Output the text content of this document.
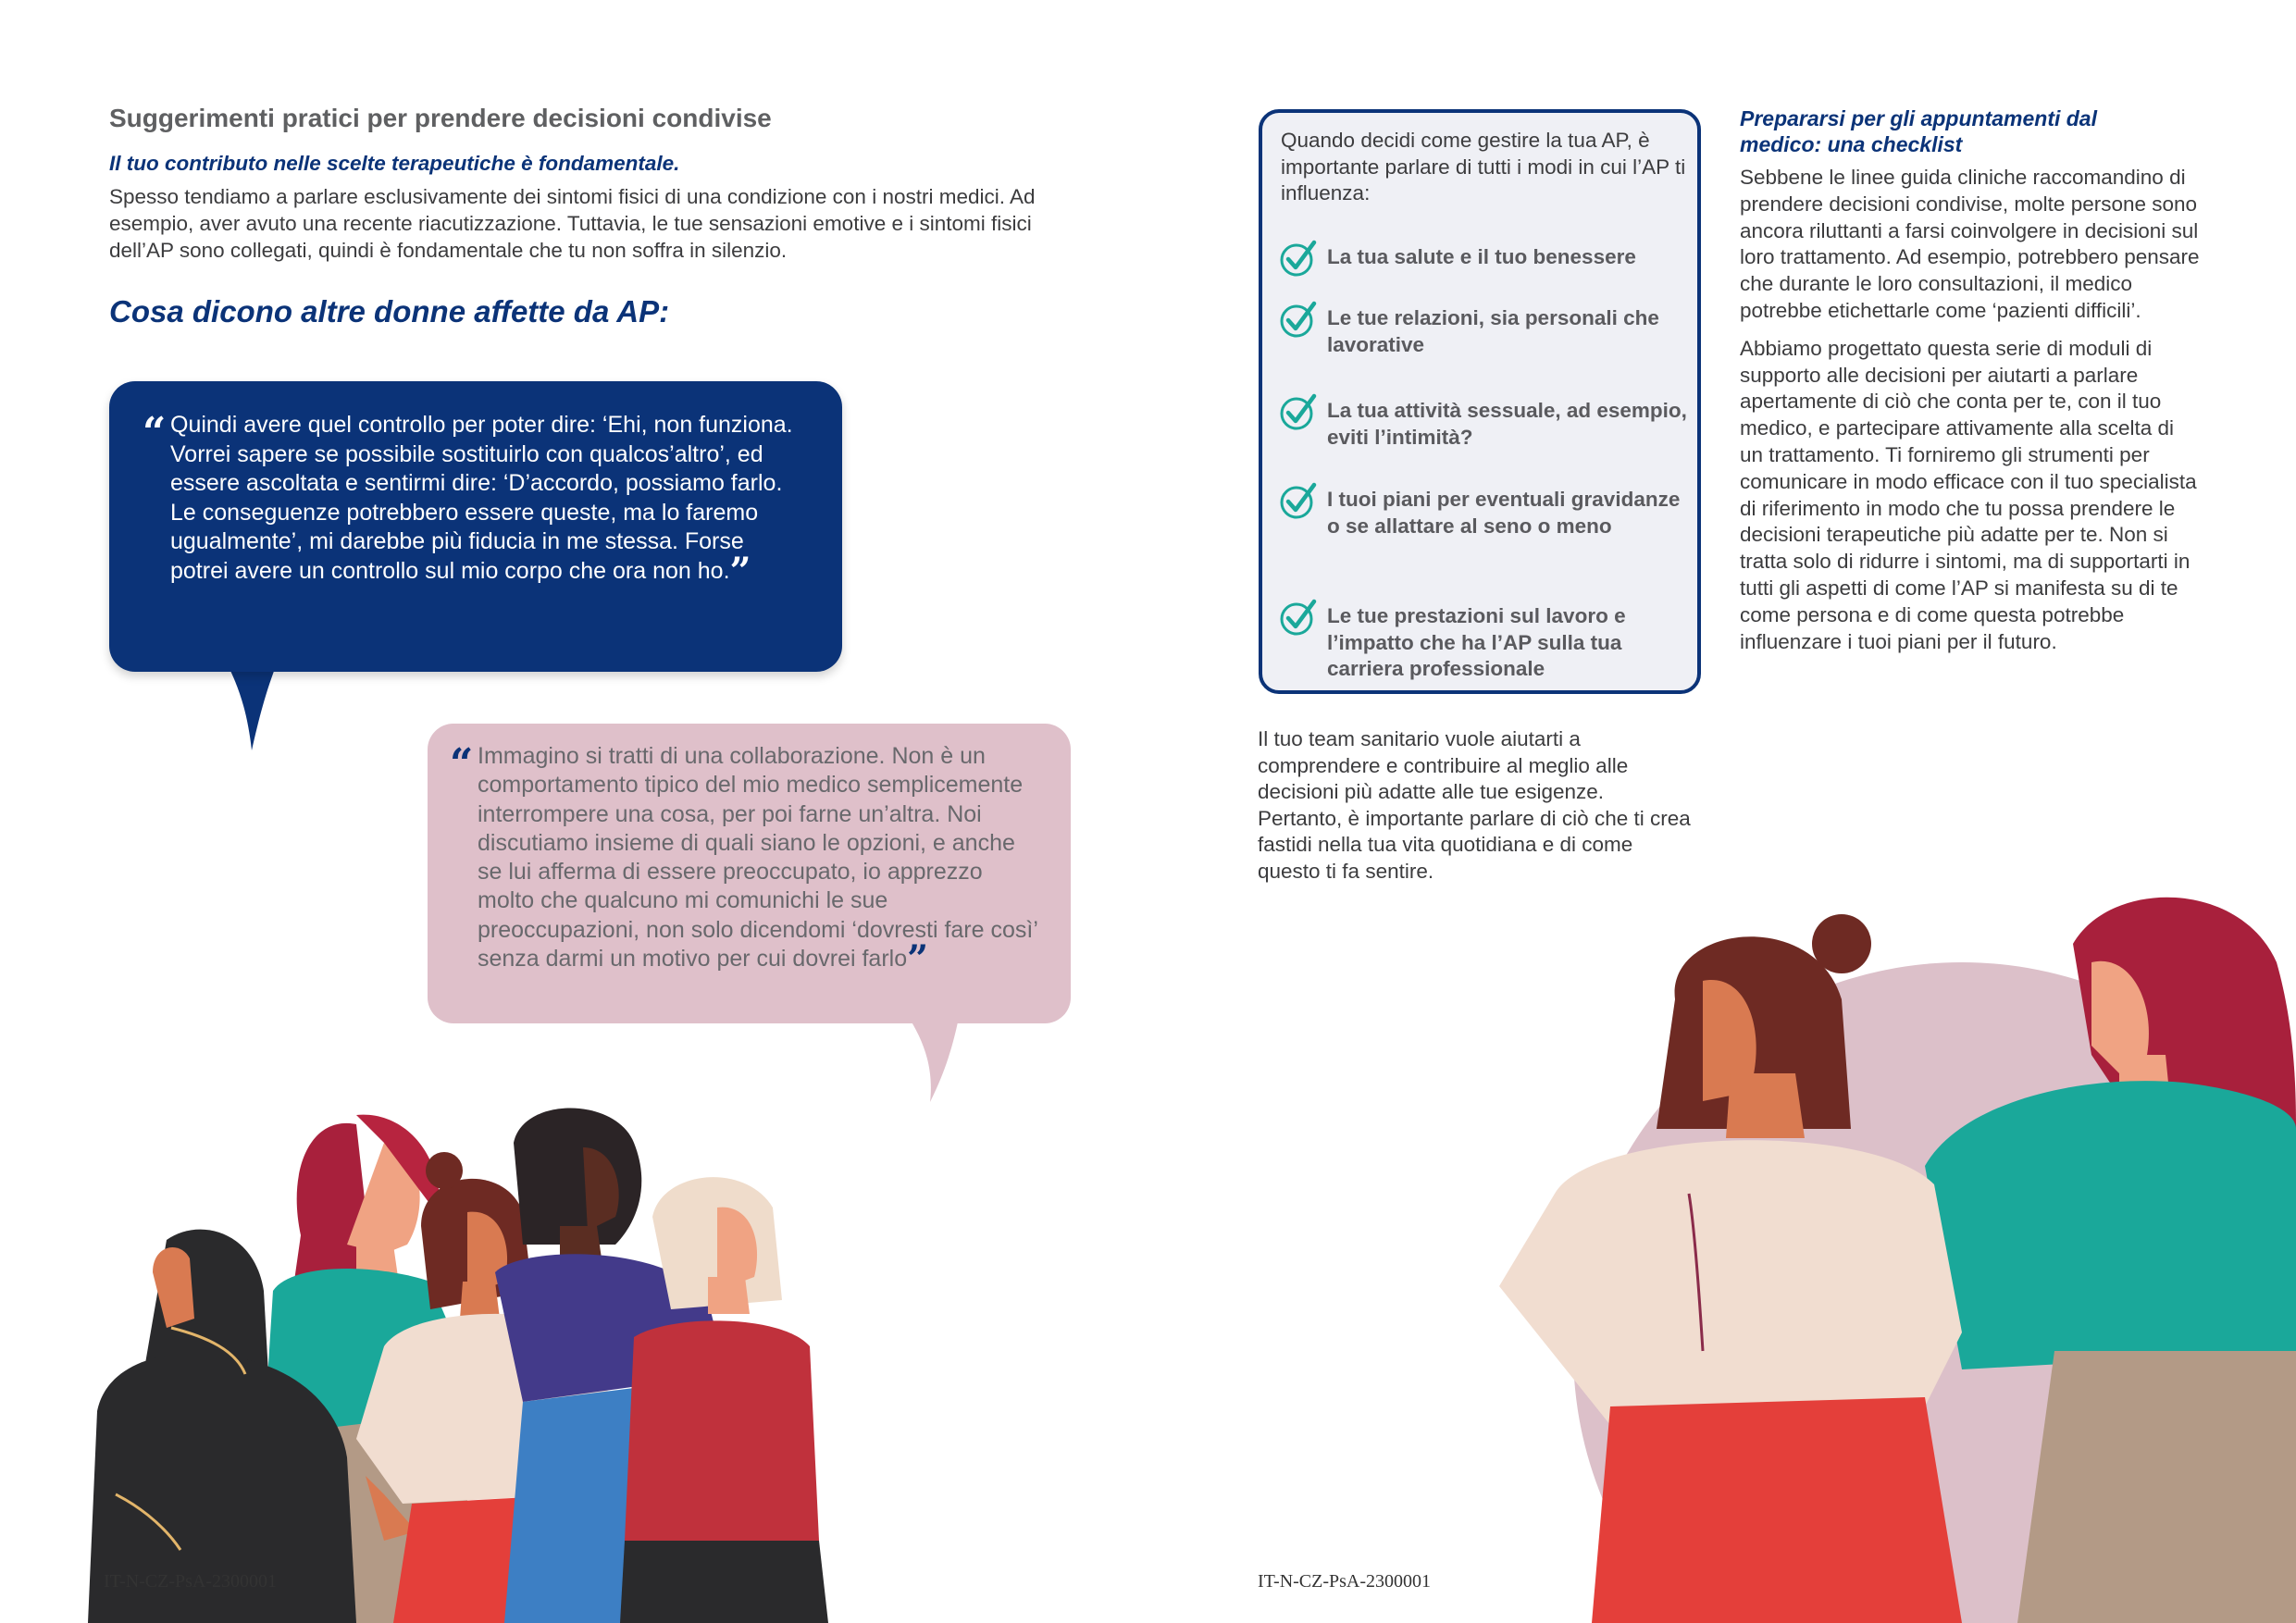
Suggerimenti pratici per prendere decisioni condivise
Il tuo contributo nelle scelte terapeutiche è fondamentale.
Spesso tendiamo a parlare esclusivamente dei sintomi fisici di una condizione con i nostri medici. Ad esempio, aver avuto una recente riacutizzazione. Tuttavia, le tue sensazioni emotive e i sintomi fisici dell’AP sono collegati, quindi è fondamentale che tu non soffra in silenzio.
Cosa dicono altre donne affette da AP:
“ Quindi avere quel controllo per poter dire: ‘Ehi, non funziona. Vorrei sapere se possibile sostituirlo con qualcos’altro’, ed essere ascoltata e sentirmi dire: ‘D’accordo, possiamo farlo. Le conseguenze potrebbero essere queste, ma lo faremo ugualmente’, mi darebbe più fiducia in me stessa. Forse potrei avere un controllo sul mio corpo che ora non ho.”
“ Immagino si tratti di una collaborazione. Non è un comportamento tipico del mio medico semplicemente interrompere una cosa, per poi farne un’altra. Noi discutiamo insieme di quali siano le opzioni, e anche se lui afferma di essere preoccupato, io apprezzo molto che qualcuno mi comunichi le sue preoccupazioni, non solo dicendomi ‘dovresti fare così’ senza darmi un motivo per cui dovrei farlo”
IT-N-CZ-PsA-2300001
Quando decidi come gestire la tua AP, è importante parlare di tutti i modi in cui l’AP ti influenza:
La tua salute e il tuo benessere
Le tue relazioni, sia personali che lavorative
La tua attività sessuale, ad esempio, eviti l’intimità?
I tuoi piani per eventuali gravidanze o se allattare al seno o meno
Le tue prestazioni sul lavoro e l’impatto che ha l’AP sulla tua carriera professionale
Il tuo team sanitario vuole aiutarti a comprendere e contribuire al meglio alle decisioni più adatte alle tue esigenze. Pertanto, è importante parlare di ciò che ti crea fastidi nella tua vita quotidiana e di come questo ti fa sentire.
Prepararsi per gli appuntamenti dal medico: una checklist

Sebbene le linee guida cliniche raccomandino di prendere decisioni condivise, molte persone sono ancora riluttanti a farsi coinvolgere in decisioni sul loro trattamento. Ad esempio, potrebbero pensare che durante le loro consultazioni, il medico potrebbe etichettarle come ‘pazienti difficili’.

Abbiamo progettato questa serie di moduli di supporto alle decisioni per aiutarti a parlare apertamente di ciò che conta per te, con il tuo medico, e partecipare attivamente alla scelta di un trattamento. Ti forniremo gli strumenti per comunicare in modo efficace con il tuo specialista di riferimento in modo che tu possa prendere le decisioni terapeutiche più adatte per te. Non si tratta solo di ridurre i sintomi, ma di supportarti in tutti gli aspetti di come l’AP si manifesta su di te come persona e di come questa potrebbe influenzare i tuoi piani per il futuro.

IT-N-CZ-PsA-2300001
